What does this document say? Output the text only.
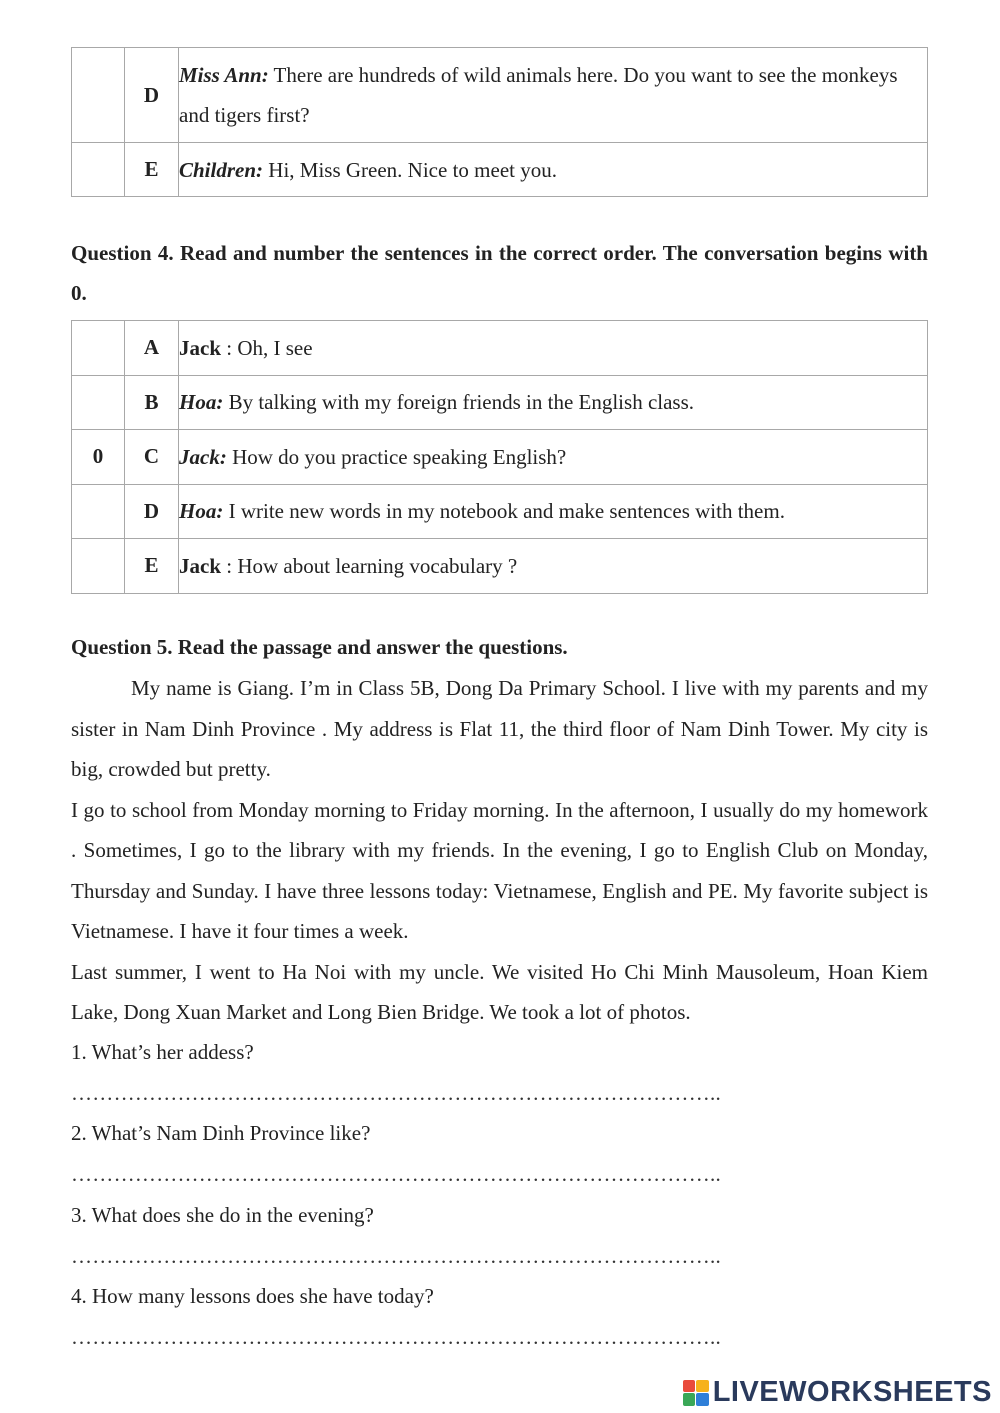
	D	Miss Ann: There are hundreds of wild animals here. Do you want to see the monkeys and tigers first?
	E	Children: Hi, Miss Green. Nice to meet you.
Question 4. Read and number the sentences in the correct order. The conversation begins with 0.
	A	Jack : Oh, I see
	B	Hoa: By talking with my foreign friends in the English class.
0	C	Jack: How do you practice speaking English?
	D	Hoa: I write new words in my notebook and make sentences with them.
	E	Jack : How about learning vocabulary ?
Question 5. Read the passage and answer the questions.

My name is Giang. I’m in Class 5B, Dong Da Primary School. I live with my parents and my sister in Nam Dinh Province . My address is Flat 11, the third floor of Nam Dinh Tower. My city is big, crowded but pretty.

I go to school from Monday morning to Friday morning. In the afternoon, I usually do my homework . Sometimes, I go to the library with my friends. In the evening, I go to English Club on Monday, Thursday and Sunday. I have three lessons today: Vietnamese, English and PE. My favorite subject is Vietnamese. I have it four times a week.

Last summer, I went to Ha Noi with my uncle. We visited Ho Chi Minh Mausoleum, Hoan Kiem Lake, Dong Xuan Market and Long Bien Bridge. We took a lot of photos.

1. What’s her addess?
………………………………………………………………………………..
2. What’s Nam Dinh Province like?
………………………………………………………………………………..
3. What does she do in the evening?
………………………………………………………………………………..
4. How many lessons does she have today?
………………………………………………………………………………..
LIVEWORKSHEETS
